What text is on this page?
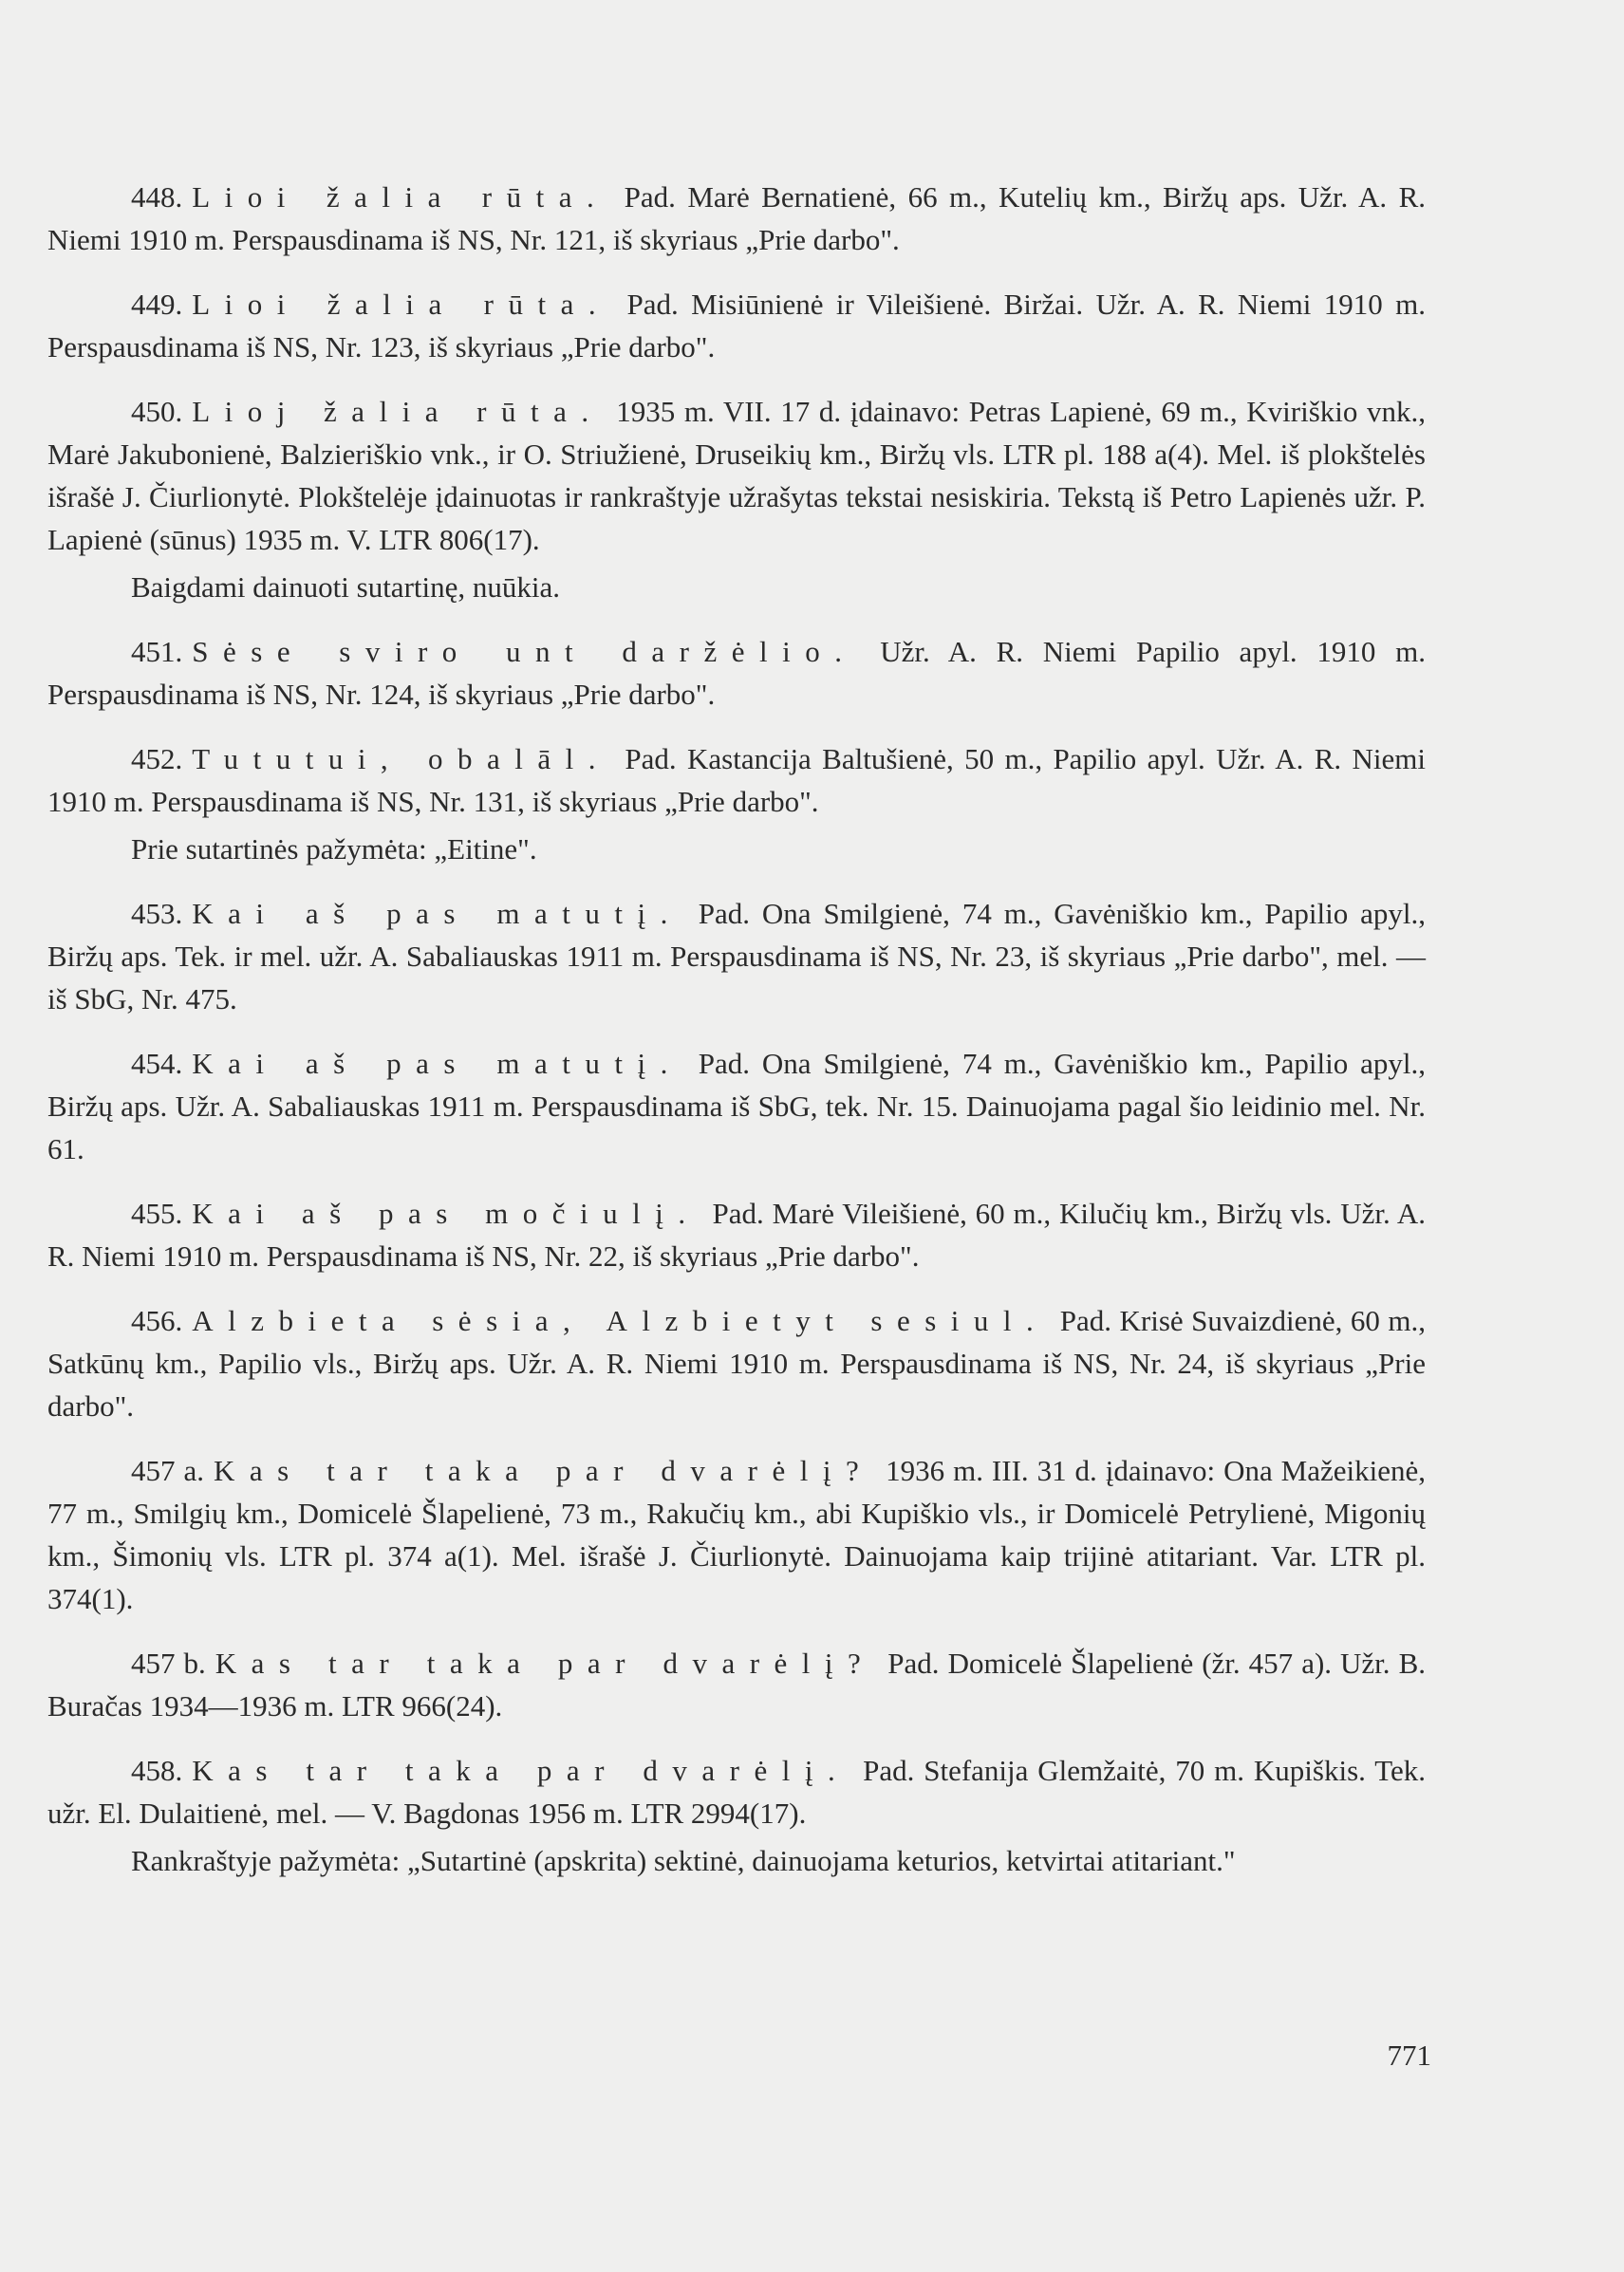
448. Lioi žalia rūta. Pad. Marė Bernatienė, 66 m., Kutelių km., Biržų aps. Užr. A. R. Niemi 1910 m. Perspausdinama iš NS, Nr. 121, iš skyriaus „Prie darbo".

449. Lioi žalia rūta. Pad. Misiūnienė ir Vileišienė. Biržai. Užr. A. R. Niemi 1910 m. Perspausdinama iš NS, Nr. 123, iš skyriaus „Prie darbo".

450. Lioj žalia rūta. 1935 m. VII. 17 d. įdainavo: Petras Lapienė, 69 m., Kviriškio vnk., Marė Jakubonienė, Balzieriškio vnk., ir O. Striužienė, Druseikių km., Biržų vls. LTR pl. 188 a(4). Mel. iš plokštelės išrašė J. Čiurlionytė. Plokštelėje įdainuotas ir rankraštyje užrašytas tekstai nesiskiria. Tekstą iš Petro Lapienės užr. P. Lapienė (sūnus) 1935 m. V. LTR 806(17).

Baigdami dainuoti sutartinę, nuūkia.

451. Sėse sviro unt daržėlio. Užr. A. R. Niemi Papilio apyl. 1910 m. Perspausdinama iš NS, Nr. 124, iš skyriaus „Prie darbo".

452. Tututui, obalāl. Pad. Kastancija Baltušienė, 50 m., Papilio apyl. Užr. A. R. Niemi 1910 m. Perspausdinama iš NS, Nr. 131, iš skyriaus „Prie darbo".

Prie sutartinės pažymėta: „Eitine".

453. Kai aš pas matutį. Pad. Ona Smilgienė, 74 m., Gavėniškio km., Papilio apyl., Biržų aps. Tek. ir mel. užr. A. Sabaliauskas 1911 m. Perspausdinama iš NS, Nr. 23, iš skyriaus „Prie darbo", mel. — iš SbG, Nr. 475.

454. Kai aš pas matutį. Pad. Ona Smilgienė, 74 m., Gavėniškio km., Papilio apyl., Biržų aps. Užr. A. Sabaliauskas 1911 m. Perspausdinama iš SbG, tek. Nr. 15. Dainuojama pagal šio leidinio mel. Nr. 61.

455. Kai aš pas močiulį. Pad. Marė Vileišienė, 60 m., Kilučių km., Biržų vls. Užr. A. R. Niemi 1910 m. Perspausdinama iš NS, Nr. 22, iš skyriaus „Prie darbo".

456. Alzbieta sėsia, Alzbietyt sesiul. Pad. Krisė Suvaizdienė, 60 m., Satkūnų km., Papilio vls., Biržų aps. Užr. A. R. Niemi 1910 m. Perspausdinama iš NS, Nr. 24, iš skyriaus „Prie darbo".

457 a. Kas tar taka par dvarėlį? 1936 m. III. 31 d. įdainavo: Ona Mažeikienė, 77 m., Smilgių km., Domicelė Šlapelienė, 73 m., Rakučių km., abi Kupiškio vls., ir Domicelė Petrylienė, Migonių km., Šimonių vls. LTR pl. 374 a(1). Mel. išrašė J. Čiurlionytė. Dainuojama kaip trijinė atitariant. Var. LTR pl. 374(1).

457 b. Kas tar taka par dvarėlį? Pad. Domicelė Šlapelienė (žr. 457 a). Užr. B. Buračas 1934—1936 m. LTR 966(24).

458. Kas tar taka par dvarėlį. Pad. Stefanija Glemžaitė, 70 m. Kupiškis. Tek. užr. El. Dulaitienė, mel. — V. Bagdonas 1956 m. LTR 2994(17).

Rankraštyje pažymėta: „Sutartinė (apskrita) sektinė, dainuojama keturios, ketvirtai atitariant."

771
